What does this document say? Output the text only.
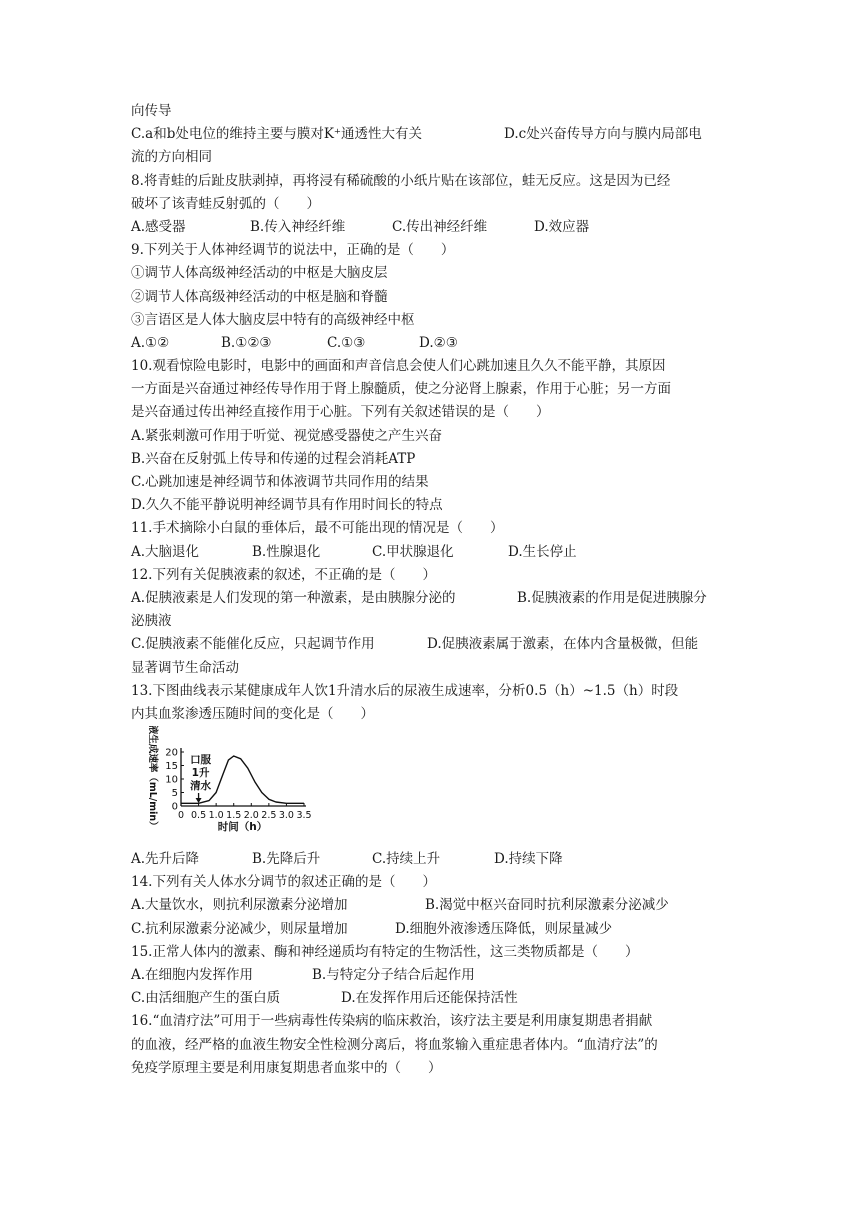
向传导
C.a和b处电位的维持主要与膜对K⁺通透性大有关	D.c处兴奋传导方向与膜内局部电
流的方向相同
8.将青蛙的后趾皮肤剥掉，再将浸有稀硫酸的小纸片贴在该部位，蛙无反应。这是因为已经
破坏了该青蛙反射弧的（　　）
A.感受器	B.传入神经纤维	C.传出神经纤维	D.效应器
9.下列关于人体神经调节的说法中，正确的是（　　）
①调节人体高级神经活动的中枢是大脑皮层
②调节人体高级神经活动的中枢是脑和脊髓
③言语区是人体大脑皮层中特有的高级神经中枢
A.①②	B.①②③	C.①③	D.②③
10.观看惊险电影时，电影中的画面和声音信息会使人们心跳加速且久久不能平静，其原因
一方面是兴奋通过神经传导作用于肾上腺髓质，使之分泌肾上腺素，作用于心脏；另一方面
是兴奋通过传出神经直接作用于心脏。下列有关叙述错误的是（　　）
A.紧张刺激可作用于听觉、视觉感受器使之产生兴奋
B.兴奋在反射弧上传导和传递的过程会消耗ATP
C.心跳加速是神经调节和体液调节共同作用的结果
D.久久不能平静说明神经调节具有作用时间长的特点
11.手术摘除小白鼠的垂体后，最不可能出现的情况是（　　）
A.大脑退化	B.性腺退化	C.甲状腺退化	D.生长停止
12.下列有关促胰液素的叙述，不正确的是（　　）
A.促胰液素是人们发现的第一种激素，是由胰腺分泌的	B.促胰液素的作用是促进胰腺分
泌胰液
C.促胰液素不能催化反应，只起调节作用	D.促胰液素属于激素，在体内含量极微，但能
显著调节生命活动
13.下图曲线表示某健康成年人饮1升清水后的尿液生成速率，分析0.5（h）~1.5（h）时段
内其血浆渗透压随时间的变化是（　　）
0
5
10
15
20
0 0.5 1.0 1.5 2.0 2.5 3.0 3.5
时间（h）
尿液生成速率（mL/min）	口服
1升
清水
A.先升后降	B.先降后升	C.持续上升	D.持续下降
14.下列有关人体水分调节的叙述正确的是（　　）
A.大量饮水，则抗利尿激素分泌增加	B.渴觉中枢兴奋同时抗利尿激素分泌减少
C.抗利尿激素分泌减少，则尿量增加	D.细胞外液渗透压降低，则尿量减少
15.正常人体内的激素、酶和神经递质均有特定的生物活性，这三类物质都是（　　）
A.在细胞内发挥作用	B.与特定分子结合后起作用
C.由活细胞产生的蛋白质	D.在发挥作用后还能保持活性
16.“血清疗法”可用于一些病毒性传染病的临床救治，该疗法主要是利用康复期患者捐献
的血液，经严格的血液生物安全性检测分离后，将血浆输入重症患者体内。“血清疗法”的
免疫学原理主要是利用康复期患者血浆中的（　　）
